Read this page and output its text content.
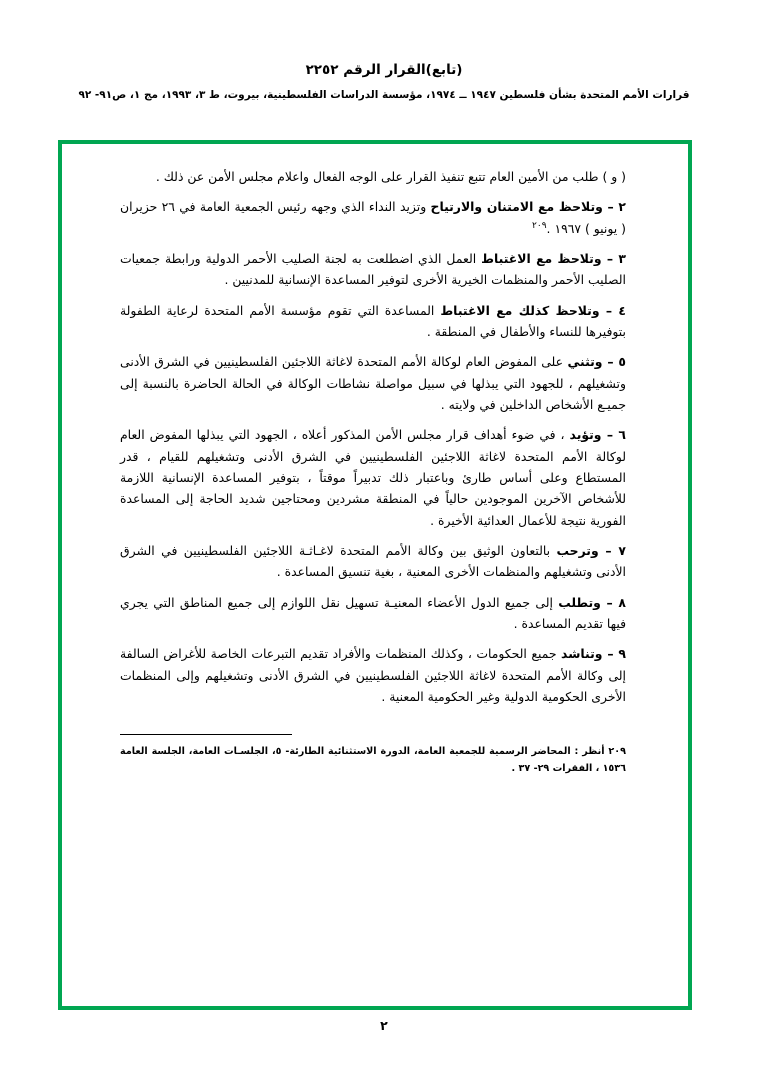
(تابع)القرار الرقم ٢٢٥٢
قرارات الأمم المتحدة بشأن فلسطين ١٩٤٧ ــ ١٩٧٤، مؤسسة الدراسات الفلسطينية، بيروت، ط ٣، ١٩٩٣، مج ١، ص٩١- ٩٢

( و ) طلب من الأمين العام تتبع تنفيذ القرار على الوجه الفعال واعلام مجلس الأمن عن ذلك .

٢ – وتلاحظ مع الامتنان والارتياح وتزيد النداء الذي وجهه رئيس الجمعية العامة في ٢٦ حزيران ( يونيو ) ١٩٦٧ .$^{٢٠٩}$

٣ – وتلاحظ مع الاغتباط العمل الذي اضطلعت به لجنة الصليب الأحمر الدولية ورابطة جمعيات الصليب الأحمر والمنظمات الخيرية الأخرى لتوفير المساعدة الإنسانية للمدنيين .

٤ – وتلاحظ كذلك مع الاغتباط المساعدة التي تقوم مؤسسة الأمم المتحدة لرعاية الطفولة بتوفيرها للنساء والأطفال في المنطقة .

٥ – وتثني على المفوض العام لوكالة الأمم المتحدة لاغاثة اللاجئين الفلسطينيين في الشرق الأدنى وتشغيلهم ، للجهود التي يبذلها في سبيل مواصلة نشاطات الوكالة في الحالة الحاضرة بالنسبة إلى جميـع الأشخاص الداخلين في ولايته .

٦ – وتؤيد ، في ضوء أهداف قرار مجلس الأمن المذكور أعلاه ، الجهود التي يبذلها المفوض العام لوكالة الأمم المتحدة لاغاثة اللاجئين الفلسطينيين في الشرق الأدنى وتشغيلهم للقيام ، قدر المستطاع وعلى أساس طارئ وباعتبار ذلك تدبيراً موقتاً ، بتوفير المساعدة الإنسانية اللازمة للأشخاص الآخرين الموجودين حالياً في المنطقة مشردين ومحتاجين شديد الحاجة إلى المساعدة الفورية نتيجة للأعمال العدائية الأخيرة .

٧ – وترحب بالتعاون الوثيق بين وكالة الأمم المتحدة لاغـاثـة اللاجئين الفلسطينيين في الشرق الأدنى وتشغيلهم والمنظمات الأخرى المعنية ، بغية تنسيق المساعدة .

٨ – وتطلب إلى جميع الدول الأعضاء المعنيـة تسهيل نقل اللوازم إلى جميع المناطق التي يجري فيها تقديم المساعدة .

٩ – وتناشد جميع الحكومات ، وكذلك المنظمات والأفراد تقديم التبرعات الخاصة للأغراض السالفة إلى وكالة الأمم المتحدة لاغاثة اللاجئين الفلسطينيين في الشرق الأدنى وتشغيلهم وإلى المنظمات الأخرى الحكومية الدولية وغير الحكومية المعنية .

٢٠٩ أنظر : المحاضر الرسمية للجمعية العامة، الدورة الاستثنائية الطارئة- ٥، الجلسـات العامة، الجلسة العامة ١٥٣٦ ، الفقرات ٢٩- ٣٧ .
٢
